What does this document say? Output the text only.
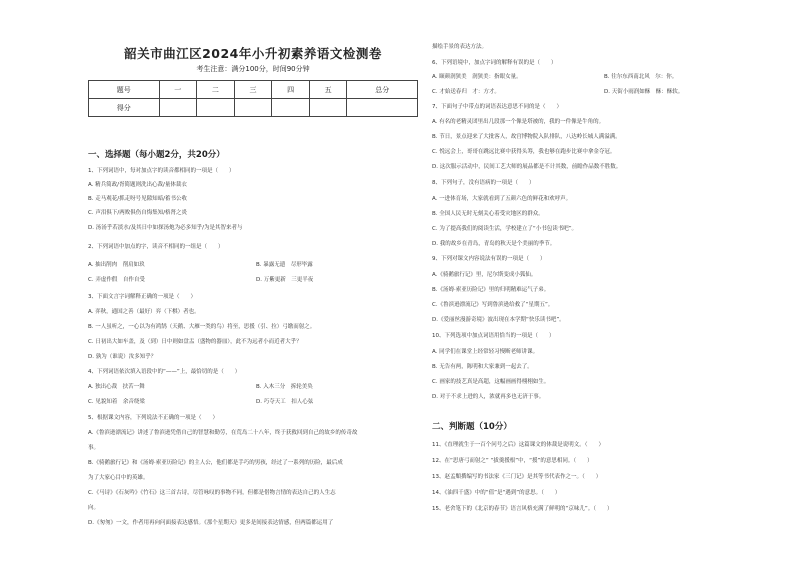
韶关市曲江区2024年小升初素养语文检测卷
考生注意：满分100分，时间90分钟
题号	一	二	三	四	五	总分
得分						
一、选择题（每小题2分，共20分）
1、下列词语中，每对加点字的读音都相同的一项是（　　）
A. 精兵简政/胥简题则洗出心裁/量体裁衣
B. 走马观花/抓走呀号见隙知暗/蓄书公收
C. 声泪俱下/两败俱伤自悔集知/格肾之炎
D. 汤汤乎若淡水/及其日中如探汤炮为必多知乎/为是其智来者与
2、下列词语中加点的字，读音不相同的一组是（　　）
A. 抽出削肉　削肩如玖	B. 暴露无遗　尽形毕露
C. 弄虚作假　自作自受	D. 万紫更新　三更半夜
3、下面文言字词解释正确的一项是（　　）
A. 弈秋，通国之善（最好）弈（下棋）者也。
B. 一人虽听之，一心以为有鸿鹄（天鹅、大雁一类的鸟）将至，思援（引、拉）弓缴而射之。
C. 日初出大如车盖，及（到）日中则如盘盂（盛物的器皿），此不为远者小而近者大乎？
D. 孰为（谁说）汝多知乎？
4、下列词语依次填入语段中的“——”上，最恰切的是（　　）
A. 独出心裁　扶苦一舞	B. 入木三分　拆轮美奂
C. 见貌知着　余音绕梁	D. 巧夺天工　扣人心弦
5、根据课文内容，下列说法不正确的一项是（　　）
A.《鲁滨逊漂流记》讲述了鲁滨逊凭借自己的智慧和勤劳，在荒岛二十八年，终于获救回到自己的故乡的传奇故
事。
B.《骑鹅旅行记》和《汤姆·索亚历险记》的主人公，他们都是手巧的男孩，经过了一系列的历险，最后成
为了大家心目中的英雄。
C.《马诗》《石灰吟》《竹石》这三首古诗，尽管咏叹的事物不同，但都是借物言情的表达自己的人生志
向。
D.《匆匆》一文，作者用再向问面接表达感悟。《那个星期天》更多是间接表达情感，但两篇都运用了
描绘手景的表达方法。
6、下列语境中，加点字词的解释有误的是（　　）
A. 颐颜润狭美　润狭美：指眼女量。	B. 往尔东西南北风　尔：你。
C. 才始送春归　才：方才。	D. 天街小雨润如酥　酥：酥软。
7、下面句子中带点的词语表达意思不同的是（　　）
A. 有名的老精灵团里出几段那一个像是塔被的，我的一件像是牛角的。
B. 节日，景点迎来了大批客人，故宫博物院入队排队，八达岭长城人满溢满。
C. 悦远会上，哥哥在跳远比赛中获得头筹，我也够在跑步比赛中拿金夺冠。
D. 这次服示活动中，民间工艺大师的展品都是不计其数，前瞻作品数不胜数。
8、下列句子，没有语病的一项是（　　）
A. 一进体育场，大家就看到了五颜六色的鲜花和欢呼声。
B. 全国人民无时无刻关心着受灾地区的群众。
C. 为了提高我们的阅读生活，学校建立了“小书包读书吧”。
D. 我的故乡在青岛，青岛的秋天是个美丽的季节。
9、下列对课文内容说法有误的一项是（　　）
A.《骑鹅旅行记》里，尼尔斯变成小狐仙。
B.《汤姆·索亚历险记》里的归明精难运气子弟。
C.《鲁滨逊漂流记》写到鲁滨逊给救了“星期五”。
D.《爱丽丝漫游奇境》波出现在本学期“快乐读书吧”。
10、下列选项中加点词语用恰当的一项是（　　）
A. 同学们在课堂上经常轻习慢断老师讲课。
B. 无告有两，陈明和大家兼到一起去了。
C. 画家的技艺真是高超，这幅画画得栩栩如生。
D. 对于不求上进的人，浓就再多也无济于事。
二、判断题（10分）
11、《直理就生于一百个问号之后》这篇课文的体裁是说明文。（　　）
12、在“思唐弓而射之” “拔羹援根”中，“援”的意思相同。（　　）
13、赵孟頫撰编写的书法家《三门记》是其等书代表作之一。（　　）
14、《油四千盛》中的“值”是“遇到”的意思。（　　）
15、老舍笔下的《北京的春节》语言风格充满了鲜明的“京味儿”。（　　）
